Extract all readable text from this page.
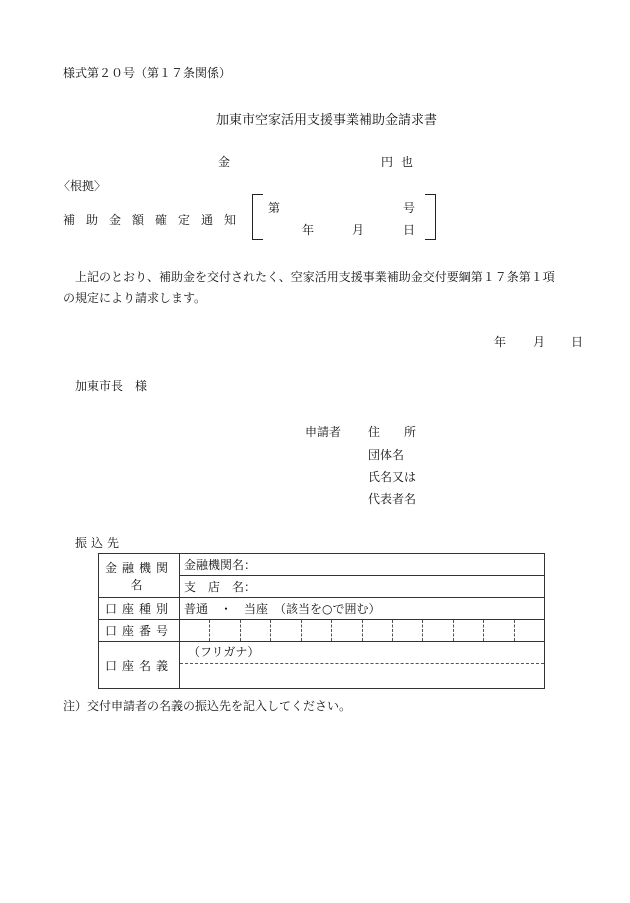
様式第２０号（第１７条関係）
加東市空家活用支援事業補助金請求書
金	円也
〈根拠〉
補助金額確定通知
第	号
年	月	日
上記のとおり、補助金を交付されたく、空家活用支援事業補助金交付要綱第１７条第１項
の規定により請求します。
年 月 日
加東市長　様
申請者 住　　所
団体名
氏名又は
代表者名
振込先
金融機関名	金融機関名：
	支　店　名：
口座種別	普通　・　当座　（該当を○で囲む）
口座番号	

口座名義	（フリガナ）
注）交付申請者の名義の振込先を記入してください。
